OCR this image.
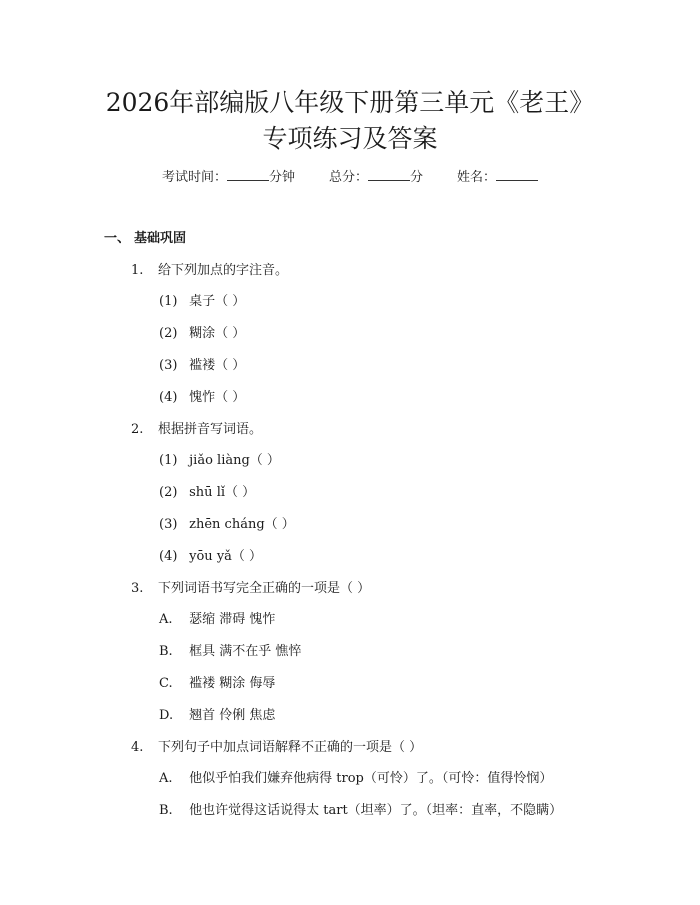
2026年部编版八年级下册第三单元《老王》
专项练习及答案
考试时间：	分钟	总分：	分	姓名：
一、 基础巩固
1. 给下列加点的字注音。
(1) 桌子（ ）
(2) 糊涂（ ）
(3) 褴褛（ ）
(4) 愧怍（ ）
2. 根据拼音写词语。
(1) jiǎo liàng（ ）
(2) shū lǐ（ ）
(3) zhēn cháng（ ）
(4) yōu yǎ（ ）
3. 下列词语书写完全正确的一项是（ ）
A. 瑟缩 滞碍 愧怍
B. 框具 满不在乎 憔悴
C. 褴褛 糊涂 侮辱
D. 翘首 伶俐 焦虑
4. 下列句子中加点词语解释不正确的一项是（ ）
A. 他似乎怕我们嫌弃他病得 trop（可怜）了。（可怜：值得怜悯）
B. 他也许觉得这话说得太 tart（坦率）了。（坦率：直率，不隐瞒）
